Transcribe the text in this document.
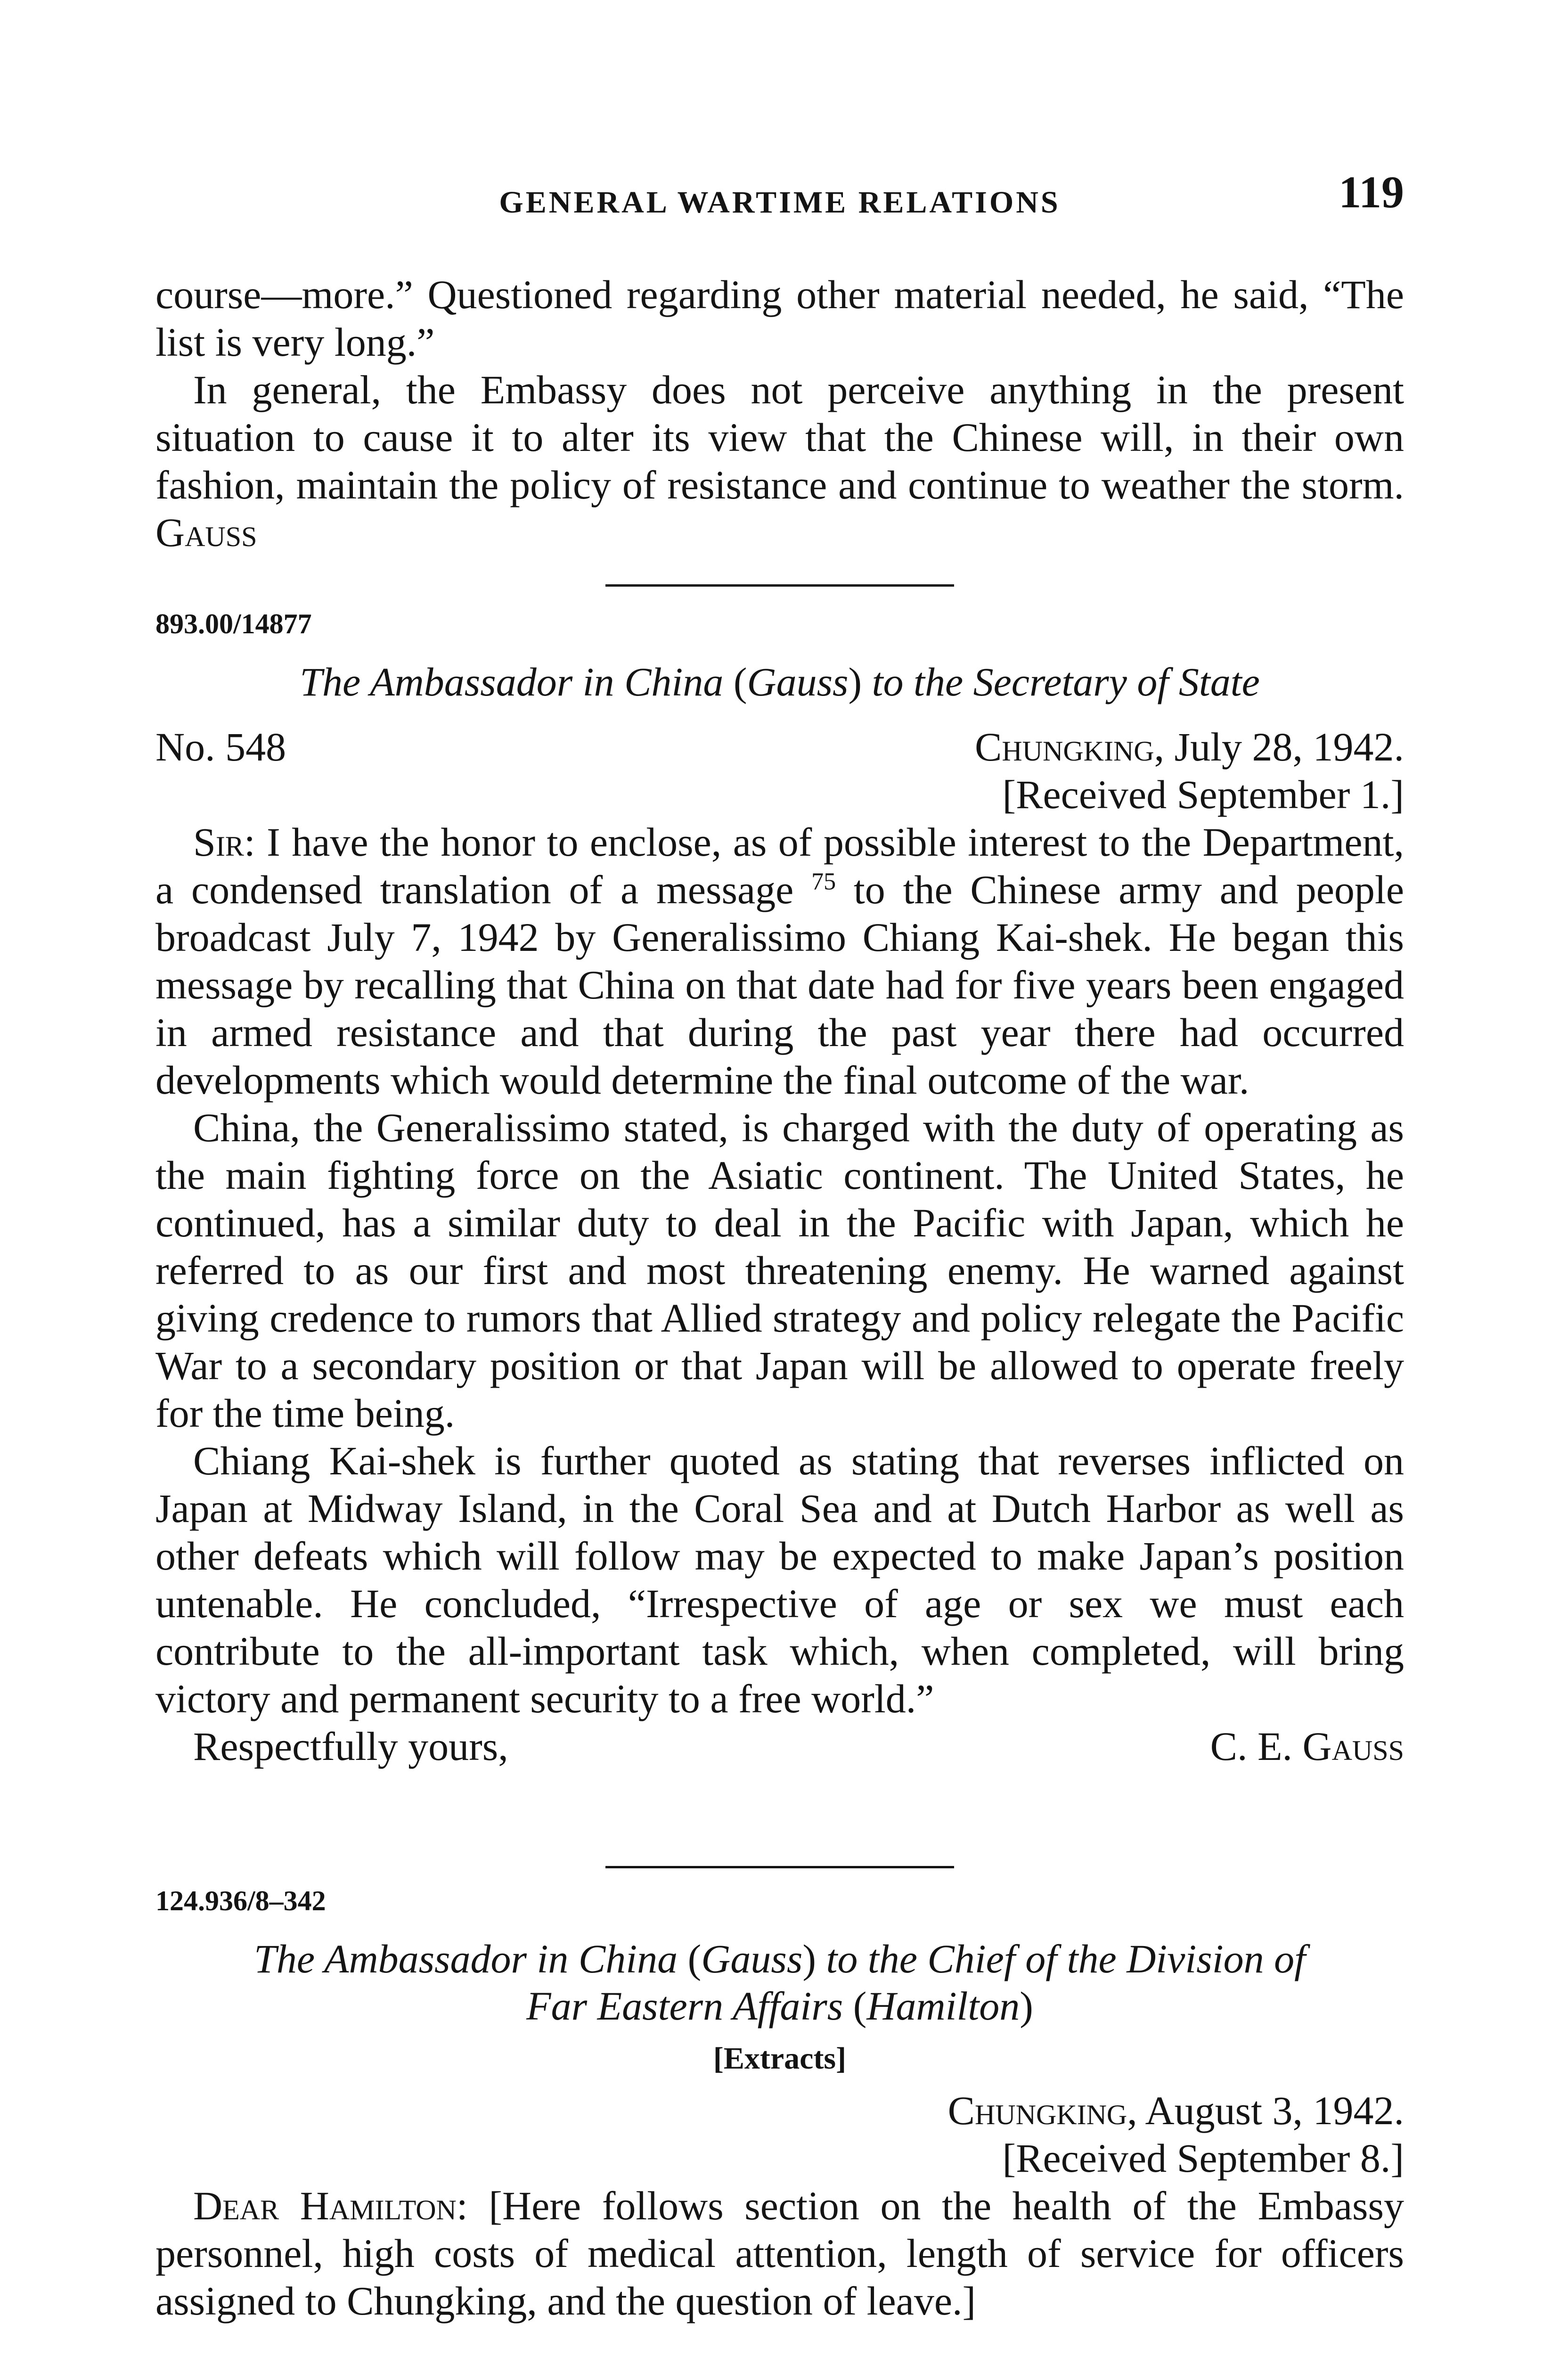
GENERAL WARTIME RELATIONS	119

course—more.” Questioned regarding other material needed, he said, “The list is very long.”

In general, the Embassy does not perceive anything in the present situation to cause it to alter its view that the Chinese will, in their own fashion, maintain the policy of resistance and continue to weather the storm. Gauss

893.00/14877
The Ambassador in China (Gauss) to the Secretary of State
No. 548	Chungking, July 28, 1942.
[Received September 1.]

Sir: I have the honor to enclose, as of possible interest to the Department, a condensed translation of a message $^{75}$ to the Chinese army and people broadcast July 7, 1942 by Generalissimo Chiang Kai-shek. He began this message by recalling that China on that date had for five years been engaged in armed resistance and that during the past year there had occurred developments which would determine the final outcome of the war.

China, the Generalissimo stated, is charged with the duty of operating as the main fighting force on the Asiatic continent. The United States, he continued, has a similar duty to deal in the Pacific with Japan, which he referred to as our first and most threatening enemy. He warned against giving credence to rumors that Allied strategy and policy relegate the Pacific War to a secondary position or that Japan will be allowed to operate freely for the time being.

Chiang Kai-shek is further quoted as stating that reverses inflicted on Japan at Midway Island, in the Coral Sea and at Dutch Harbor as well as other defeats which will follow may be expected to make Japan’s position untenable. He concluded, “Irrespective of age or sex we must each contribute to the all-important task which, when completed, will bring victory and permanent security to a free world.”

Respectfully yours,	C. E. Gauss
124.936/8–342
The Ambassador in China (Gauss) to the Chief of the Division of
Far Eastern Affairs (Hamilton)
[Extracts]
Chungking, August 3, 1942.
[Received September 8.]

Dear Hamilton: [Here follows section on the health of the Embassy personnel, high costs of medical attention, length of service for officers assigned to Chungking, and the question of leave.]
